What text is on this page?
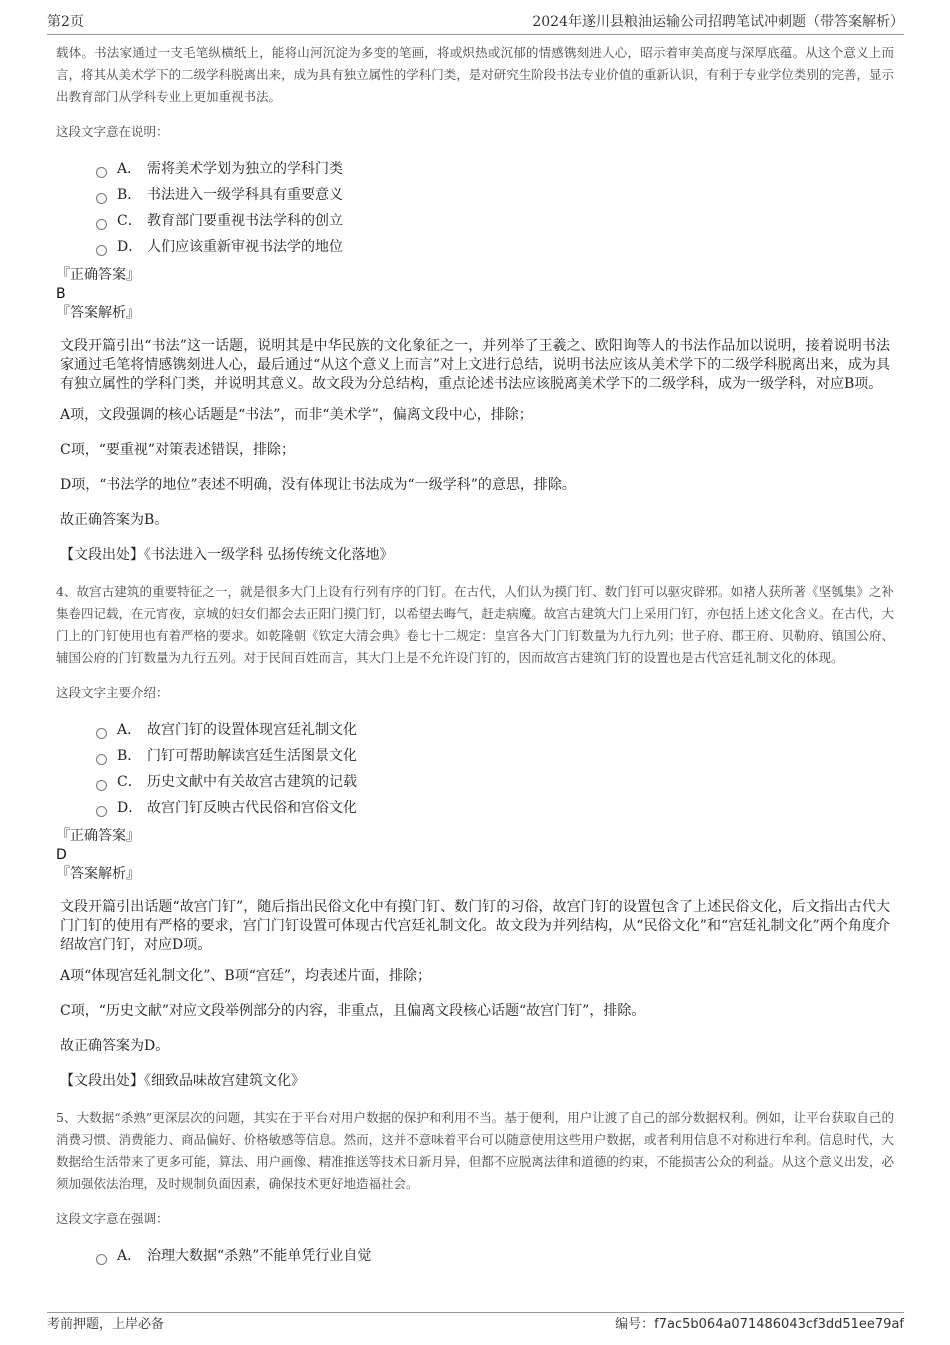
第2页	2024年遂川县粮油运输公司招聘笔试冲刺题（带答案解析）

载体。书法家通过一支毛笔纵横纸上，能将山河沉淀为多变的笔画，将或炽热或沉郁的情感镌刻进人心，昭示着审美高度与深厚底蕴。从这个意义上而言，将其从美术学下的二级学科脱离出来，成为具有独立属性的学科门类，是对研究生阶段书法专业价值的重新认识，有利于专业学位类别的完善，显示出教育部门从学科专业上更加重视书法。

这段文字意在说明：
A． 需将美术学划为独立的学科门类
B． 书法进入一级学科具有重要意义
C． 教育部门要重视书法学科的创立
D． 人们应该重新审视书法学的地位

『正确答案』

B

『答案解析』

文段开篇引出“书法”这一话题，说明其是中华民族的文化象征之一，并列举了王羲之、欧阳询等人的书法作品加以说明，接着说明书法家通过毛笔将情感镌刻进人心，最后通过“从这个意义上而言”对上文进行总结，说明书法应该从美术学下的二级学科脱离出来，成为具有独立属性的学科门类，并说明其意义。故文段为分总结构，重点论述书法应该脱离美术学下的二级学科，成为一级学科，对应B项。

A项，文段强调的核心话题是“书法”，而非“美术学”，偏离文段中心，排除；

C项，“要重视”对策表述错误，排除；

D项，“书法学的地位”表述不明确，没有体现让书法成为“一级学科”的意思，排除。

故正确答案为B。

【文段出处】《书法进入一级学科 弘扬传统文化落地》

4、故宫古建筑的重要特征之一，就是很多大门上设有行列有序的门钉。在古代，人们认为摸门钉、数门钉可以驱灾辟邪。如褚人获所著《坚瓠集》之补集卷四记载，在元宵夜，京城的妇女们都会去正阳门摸门钉，以希望去晦气，赶走病魔。故宫古建筑大门上采用门钉，亦包括上述文化含义。在古代，大门上的门钉使用也有着严格的要求。如乾隆朝《钦定大清会典》卷七十二规定：皇宫各大门门钉数量为九行九列；世子府、郡王府、贝勒府、镇国公府、辅国公府的门钉数量为九行五列。对于民间百姓而言，其大门上是不允许设门钉的，因而故宫古建筑门钉的设置也是古代宫廷礼制文化的体现。

这段文字主要介绍：
A． 故宫门钉的设置体现宫廷礼制文化
B． 门钉可帮助解读宫廷生活图景文化
C． 历史文献中有关故宫古建筑的记载
D． 故宫门钉反映古代民俗和宫俗文化

『正确答案』

D

『答案解析』

文段开篇引出话题“故宫门钉”，随后指出民俗文化中有摸门钉、数门钉的习俗，故宫门钉的设置包含了上述民俗文化，后文指出古代大门门钉的使用有严格的要求，宫门门钉设置可体现古代宫廷礼制文化。故文段为并列结构，从“民俗文化”和“宫廷礼制文化”两个角度介绍故宫门钉，对应D项。

A项“体现宫廷礼制文化”、B项“宫廷”，均表述片面，排除；

C项，“历史文献”对应文段举例部分的内容，非重点，且偏离文段核心话题“故宫门钉”，排除。

故正确答案为D。

【文段出处】《细致品味故宫建筑文化》

5、大数据“杀熟”更深层次的问题，其实在于平台对用户数据的保护和利用不当。基于便利，用户让渡了自己的部分数据权利。例如，让平台获取自己的消费习惯、消费能力、商品偏好、价格敏感等信息。然而，这并不意味着平台可以随意使用这些用户数据，或者利用信息不对称进行牟利。信息时代，大数据给生活带来了更多可能，算法、用户画像、精准推送等技术日新月异，但都不应脱离法律和道德的约束，不能损害公众的利益。从这个意义出发，必须加强依法治理，及时规制负面因素，确保技术更好地造福社会。

这段文字意在强调：
A． 治理大数据“杀熟”不能单凭行业自觉
考前押题，上岸必备	编号：f7ac5b064a071486043cf3dd51ee79af
